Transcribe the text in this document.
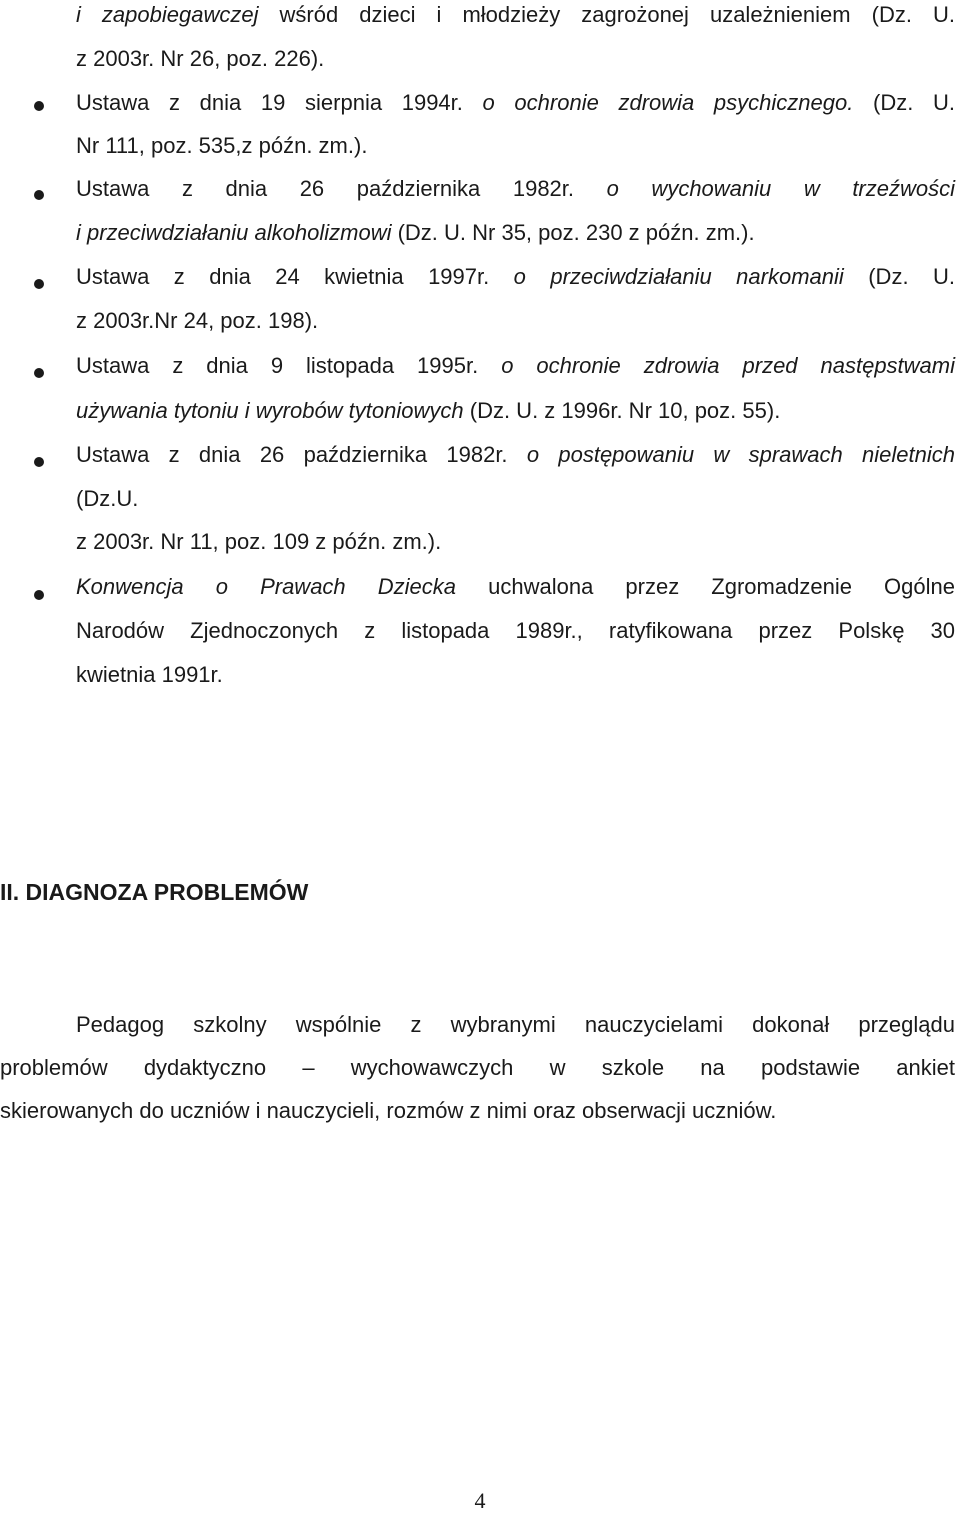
i zapobiegawczej wśród dzieci i młodzieży zagrożonej uzależnieniem (Dz. U.
z 2003r. Nr 26, poz. 226).
Ustawa z dnia 19 sierpnia 1994r. o ochronie zdrowia psychicznego. (Dz. U.
Nr 111, poz. 535,z późn. zm.).
Ustawa z dnia 26 października 1982r. o wychowaniu w trzeźwości
i przeciwdziałaniu alkoholizmowi (Dz. U. Nr 35, poz. 230 z późn. zm.).
Ustawa z dnia 24 kwietnia 1997r. o przeciwdziałaniu narkomanii (Dz. U.
z 2003r.Nr 24, poz. 198).
Ustawa z dnia 9 listopada 1995r. o ochronie zdrowia przed następstwami
używania tytoniu i wyrobów tytoniowych (Dz. U. z 1996r. Nr 10, poz. 55).
Ustawa z dnia 26 października 1982r. o postępowaniu w sprawach nieletnich
(Dz.U.
z 2003r. Nr 11, poz. 109 z późn. zm.).
Konwencja o Prawach Dziecka uchwalona przez Zgromadzenie Ogólne
Narodów Zjednoczonych z listopada 1989r., ratyfikowana przez Polskę 30
kwietnia 1991r.
II. DIAGNOZA PROBLEMÓW
Pedagog szkolny wspólnie z wybranymi nauczycielami dokonał przeglądu
problemów dydaktyczno – wychowawczych w szkole na podstawie ankiet
skierowanych do uczniów i nauczycieli, rozmów z nimi oraz obserwacji uczniów.
4
